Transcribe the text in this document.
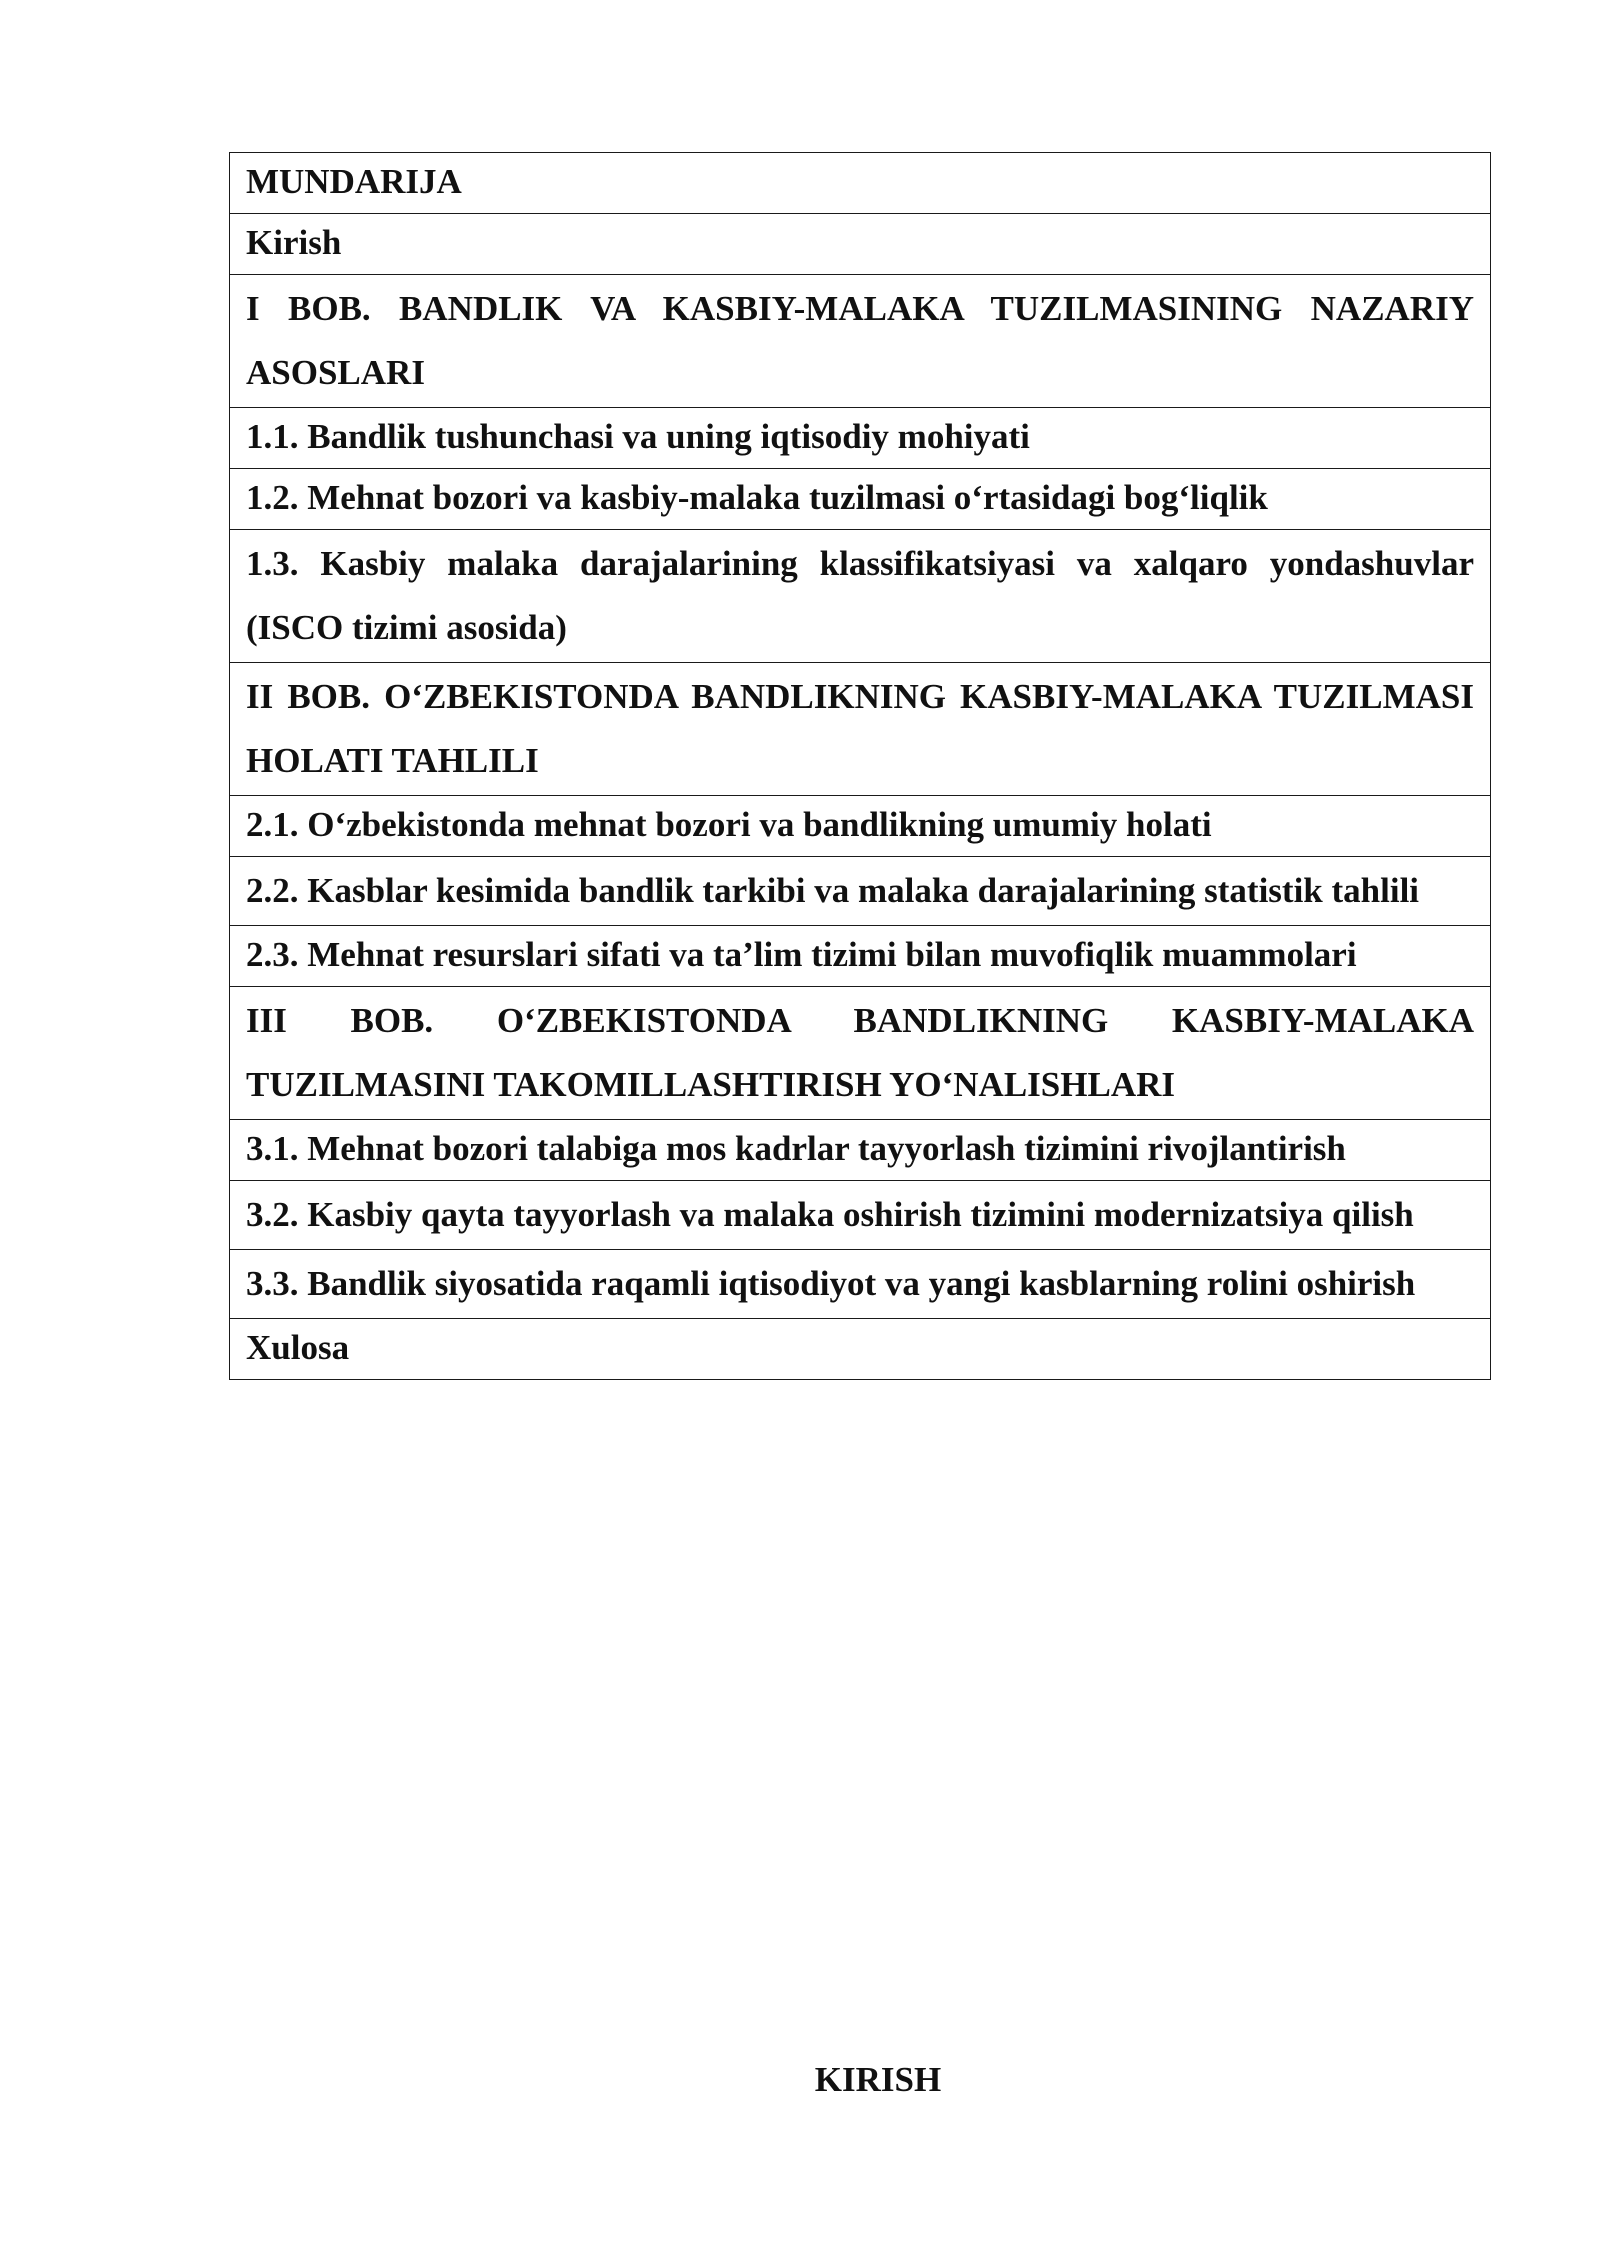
MUNDARIJA
Kirish
I BOB. BANDLIK VA KASBIY-MALAKA TUZILMASINING NAZARIY ASOSLARI
1.1. Bandlik tushunchasi va uning iqtisodiy mohiyati
1.2. Mehnat bozori va kasbiy-malaka tuzilmasi oʻrtasidagi bogʻliqlik
1.3. Kasbiy malaka darajalarining klassifikatsiyasi va xalqaro yondashuvlar (ISCO tizimi asosida)
II BOB. OʻZBEKISTONDA BANDLIKNING KASBIY-MALAKA TUZILMASI HOLATI TAHLILI
2.1. Oʻzbekistonda mehnat bozori va bandlikning umumiy holati
2.2. Kasblar kesimida bandlik tarkibi va malaka darajalarining statistik tahlili
2.3. Mehnat resurslari sifati va ta’lim tizimi bilan muvofiqlik muammolari
III BOB. OʻZBEKISTONDA BANDLIKNING KASBIY-MALAKA TUZILMASINI TAKOMILLASHTIRISH YOʻNALISHLARI
3.1. Mehnat bozori talabiga mos kadrlar tayyorlash tizimini rivojlantirish
3.2. Kasbiy qayta tayyorlash va malaka oshirish tizimini modernizatsiya qilish
3.3. Bandlik siyosatida raqamli iqtisodiyot va yangi kasblarning rolini oshirish
Xulosa
KIRISH
